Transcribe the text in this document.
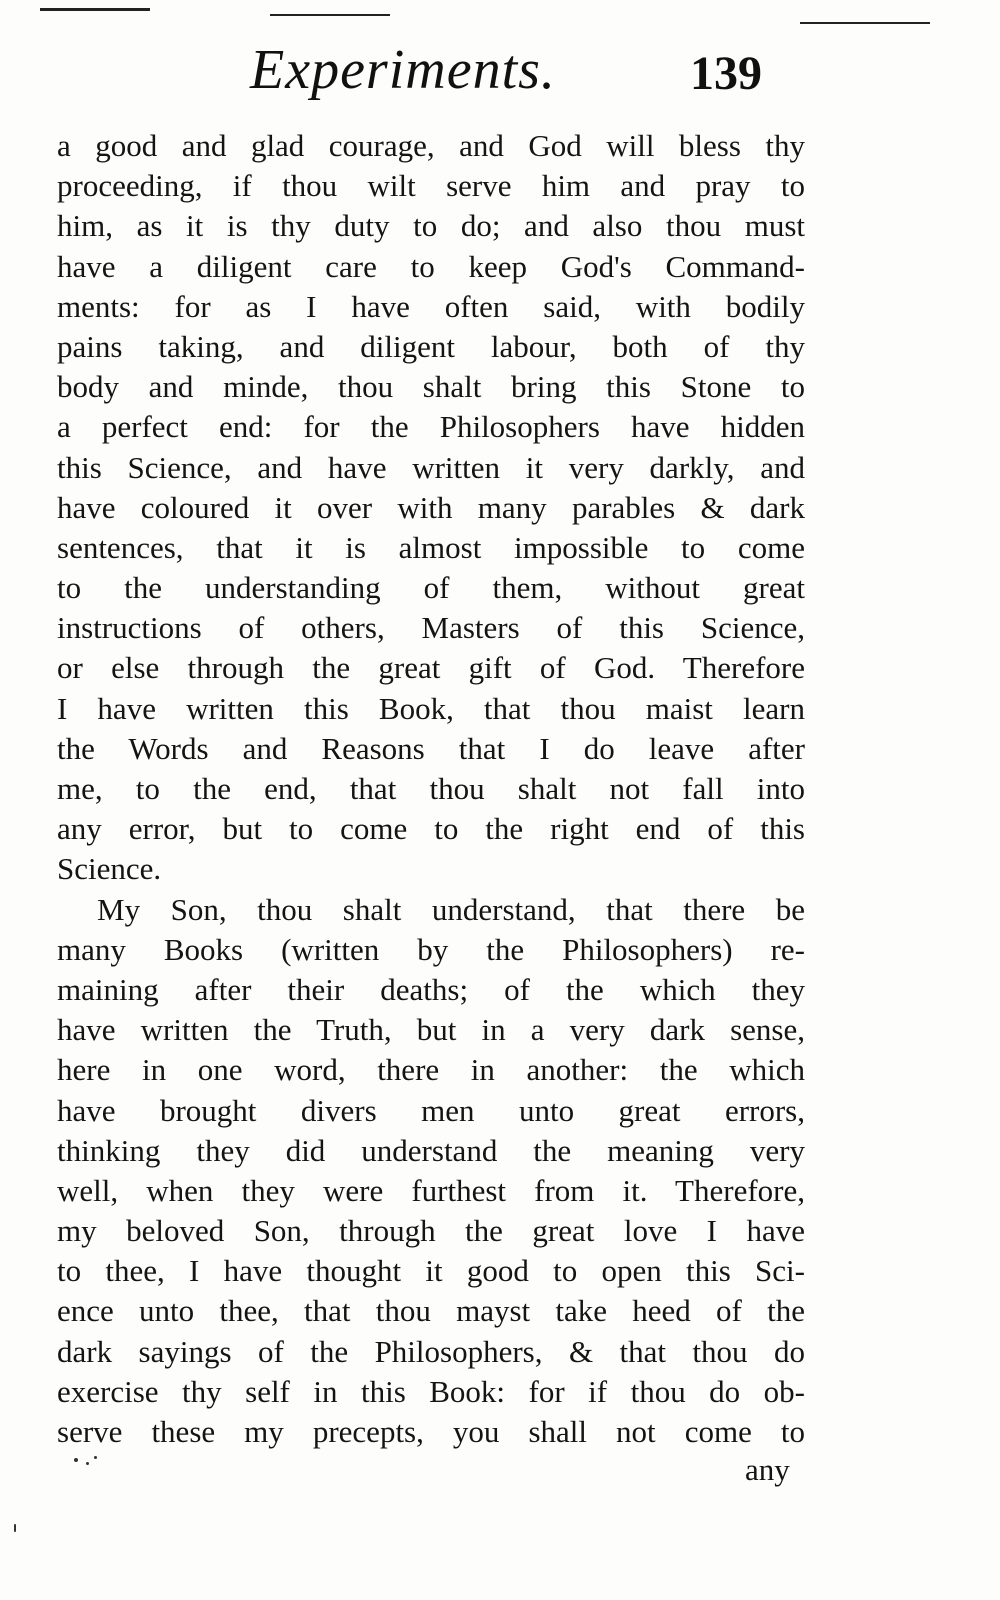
Experiments.	139
a good and glad courage, and God will bless thy
proceeding, if thou wilt serve him and pray to
him, as it is thy duty to do; and also thou must
have a diligent care to keep God's Command-
ments: for as I have often said, with bodily
pains taking, and diligent labour, both of thy
body and minde, thou shalt bring this Stone to
a perfect end: for the Philosophers have hidden
this Science, and have written it very darkly, and
have coloured it over with many parables & dark
sentences, that it is almost impossible to come
to the understanding of them, without great
instructions of others, Masters of this Science,
or else through the great gift of God. Therefore
I have written this Book, that thou maist learn
the Words and Reasons that I do leave after
me, to the end, that thou shalt not fall into
any error, but to come to the right end of this
Science.
My Son, thou shalt understand, that there be
many Books (written by the Philosophers) re-
maining after their deaths; of the which they
have written the Truth, but in a very dark sense,
here in one word, there in another: the which
have brought divers men unto great errors,
thinking they did understand the meaning very
well, when they were furthest from it. Therefore,
my beloved Son, through the great love I have
to thee, I have thought it good to open this Sci-
ence unto thee, that thou mayst take heed of the
dark sayings of the Philosophers, & that thou do
exercise thy self in this Book: for if thou do ob-
serve these my precepts, you shall not come to
any
